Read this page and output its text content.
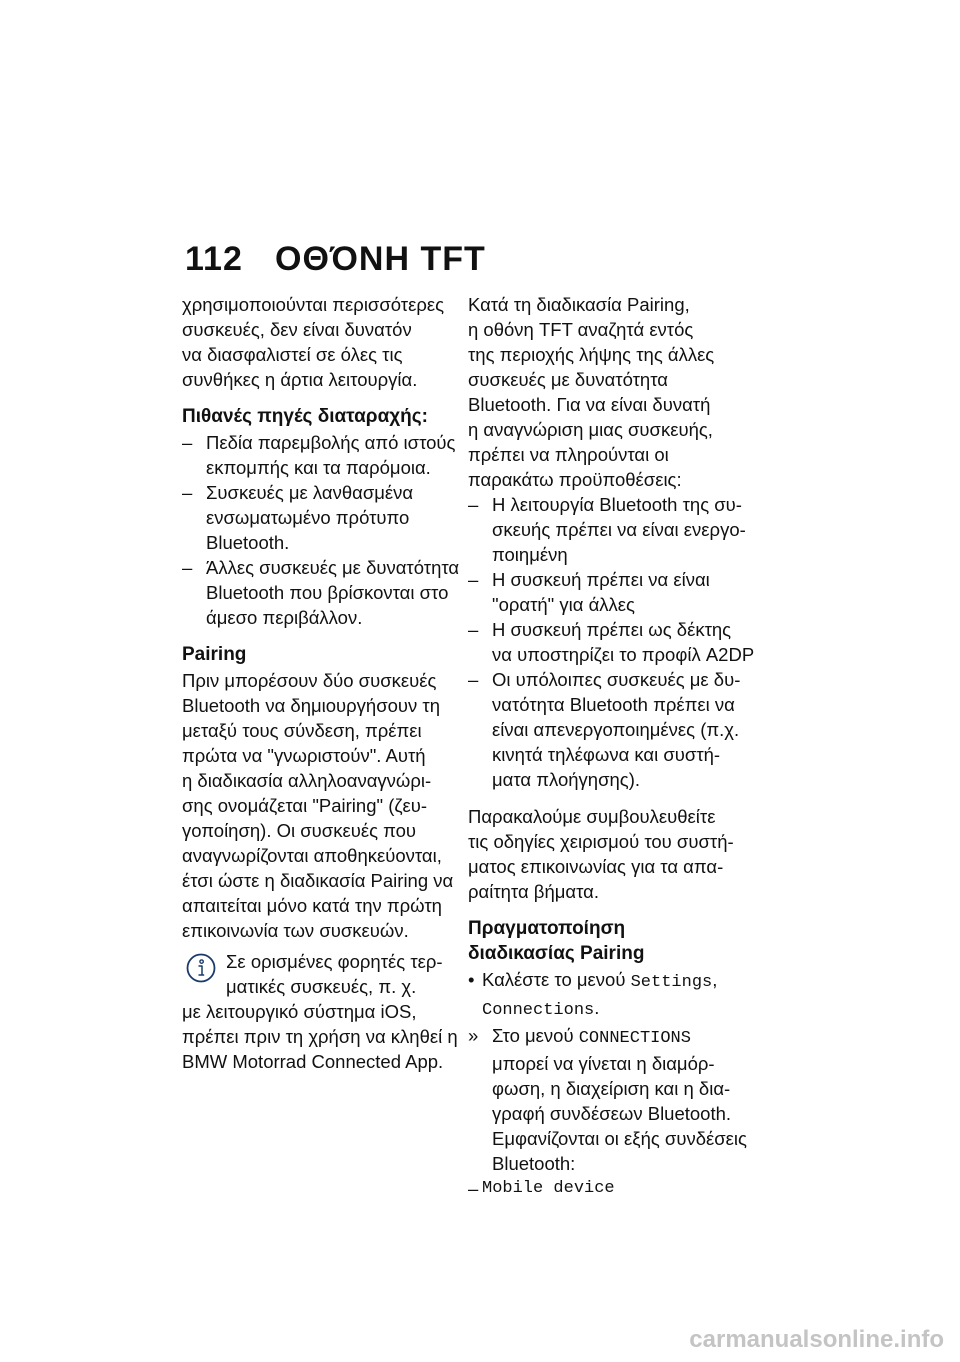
112 ΟΘΌΝΗ TFT
χρησιμοποιούνται περισσότερες
συσκευές, δεν είναι δυνατόν
να διασφαλιστεί σε όλες τις
συνθήκες η άρτια λειτουργία.
Πιθανές πηγές διαταραχής:
– Πεδία παρεμβολής από ιστούς
εκπομπής και τα παρόμοια.
– Συσκευές με λανθασμένα
ενσωματωμένο πρότυπο
Bluetooth.
– Άλλες συσκευές με δυνατότητα
Bluetooth που βρίσκονται στο
άμεσο περιβάλλον.
Pairing
Πριν μπορέσουν δύο συσκευές
Bluetooth να δημιουργήσουν τη
μεταξύ τους σύνδεση, πρέπει
πρώτα να "γνωριστούν". Αυτή
η διαδικασία αλληλοαναγνώρι-
σης ονομάζεται "Pairing" (ζευ-
γοποίηση). Οι συσκευές που
αναγνωρίζονται αποθηκεύονται,
έτσι ώστε η διαδικασία Pairing να
απαιτείται μόνο κατά την πρώτη
επικοινωνία των συσκευών.
Σε ορισμένες φορητές τερ-
ματικές συσκευές, π. χ.
με λειτουργικό σύστημα iOS,
πρέπει πριν τη χρήση να κληθεί η
BMW Motorrad Connected App.
Κατά τη διαδικασία Pairing,
η οθόνη TFT αναζητά εντός
της περιοχής λήψης της άλλες
συσκευές με δυνατότητα
Bluetooth. Για να είναι δυνατή
η αναγνώριση μιας συσκευής,
πρέπει να πληρούνται οι
παρακάτω προϋποθέσεις:
– Η λειτουργία Bluetooth της συ-
σκευής πρέπει να είναι ενεργο-
ποιημένη
– Η συσκευή πρέπει να είναι
"ορατή" για άλλες
– Η συσκευή πρέπει ως δέκτης
να υποστηρίζει το προφίλ A2DP
– Οι υπόλοιπες συσκευές με δυ-
νατότητα Bluetooth πρέπει να
είναι απενεργοποιημένες (π.χ.
κινητά τηλέφωνα και συστή-
ματα πλοήγησης).
Παρακαλούμε συμβουλευθείτε
τις οδηγίες χειρισμού του συστή-
ματος επικοινωνίας για τα απα-
ραίτητα βήματα.
Πραγματοποίηση
διαδικασίας Pairing
• Καλέστε το μενού Settings,
Connections.
» Στο μενού CONNECTIONS
μπορεί να γίνεται η διαμόρ-
φωση, η διαχείριση και η δια-
γραφή συνδέσεων Bluetooth.
Εμφανίζονται οι εξής συνδέσεις
Bluetooth:
– Mobile device
carmanualsonline.info
